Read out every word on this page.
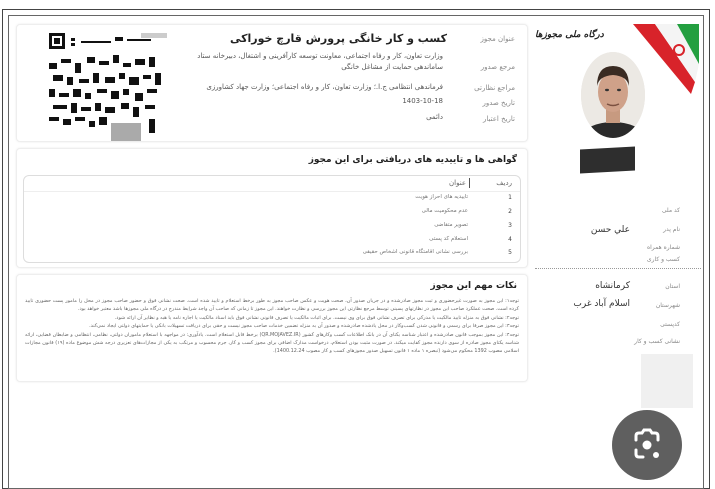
عنوان مجوز
کسب و کار خانگی پرورش قارچ خوراکی
مرجع صدور
وزارت تعاون، کار و رفاه اجتماعی، معاونت توسعه کارآفرینی و اشتغال، دبیرخانه ستاد ساماندهی حمایت از مشاغل خانگی
مراجع نظارتی
فرماندهی انتظامی ج.ا.؛ وزارت تعاون، کار و رفاه اجتماعی؛ وزارت جهاد کشاورزی
تاریخ صدور
1403-10-18
تاریخ اعتبار
دائمی
گواهی ها و تاییدیه های دریافتی برای این مجوز
ردیف
عنوان
1
تاییدیه های احراز هویت
2
عدم محکومیت مالی
3
تصویر متقاضی
4
استعلام کد پستی
5
بررسی نشانی اقامتگاه قانونی اشخاص حقیقی
نکات مهم این مجوز

توجه۱: این مجوز به صورت غیرحضوری و ثبت مجوز صادرشده و در جریان صدور آن، صحت هویت و عکس صاحب مجوز به طور برخط استعلام و تایید شده است. صحت نشانی فوق و حضور صاحب مجوز در محل را مامور پست حضوری تایید کرده است. صحت عملکرد صاحب این مجوز در نظارتهای پسینی توسط مرجع نظارتی این مجوز بررسی و نظارت خواهند. این مجوز تا زمانی که صاحب آن واجد شرایط مندرج در درگاه ملی مجوزها باشد معتبر خواهد بود.

توجه۲: نشانی فوق به منزله تایید مالکیت یا مدرکی برای تصرف نشانی فوق برای وی نیست. برای اثبات مالکیت یا تصرف قانونی نشانی فوق باید اسناد مالکیت یا اجاره نامه یا هبه و نظایر آن ارائه شود.

توجه۳: این مجوز صرفا برای رسمی و قانونی شدن کسب‌وکار در محل یادشده صادرشده و صدور آن به منزله تضمین خدمات صاحب مجوز نیست و حقی برای دریافت تسهیلات بانکی یا حمایتهای دولتی ایجاد نمی‌کند.

توجه۴: این مجوز بموجب قانون صادرشده و اعتبار شناسه یکتای آن در بانک اطلاعات کسب وکارهای کشور (QR.MOJAVEZ.IR) برخط قابل استعلام است. یادآوری: در مواجهه با استعلام ماموران دولتی، نظامی، انتظامی و ضابطان قضایی، ارائه شناسه یکتای مجوز صادره از سوی دارنده مجوز کفایت میکند. در صورت مثبت بودن استعلام، درخواست مدارک اضافی برای مجوز کسب و کار، جرم محسوب و مرتکب به یکی از مجازات‌های تعزیری درجه شش موضوع ماده (۱۹) قانون مجازات اسلامی مصوب 1392 محکوم می‌شود (تبصره ۱ ماده ۱ قانون تسهیل صدور مجوزهای کسب و کار مصوب 1400.12.24).

درگاه ملی مجوزها
کد ملی
نام پدر
علي حسن
شماره همراه
کسب و کاری
استان
کرمانشاه
شهرستان
اسلام آباد غرب
کدپستی
نشانی کسب و کار
